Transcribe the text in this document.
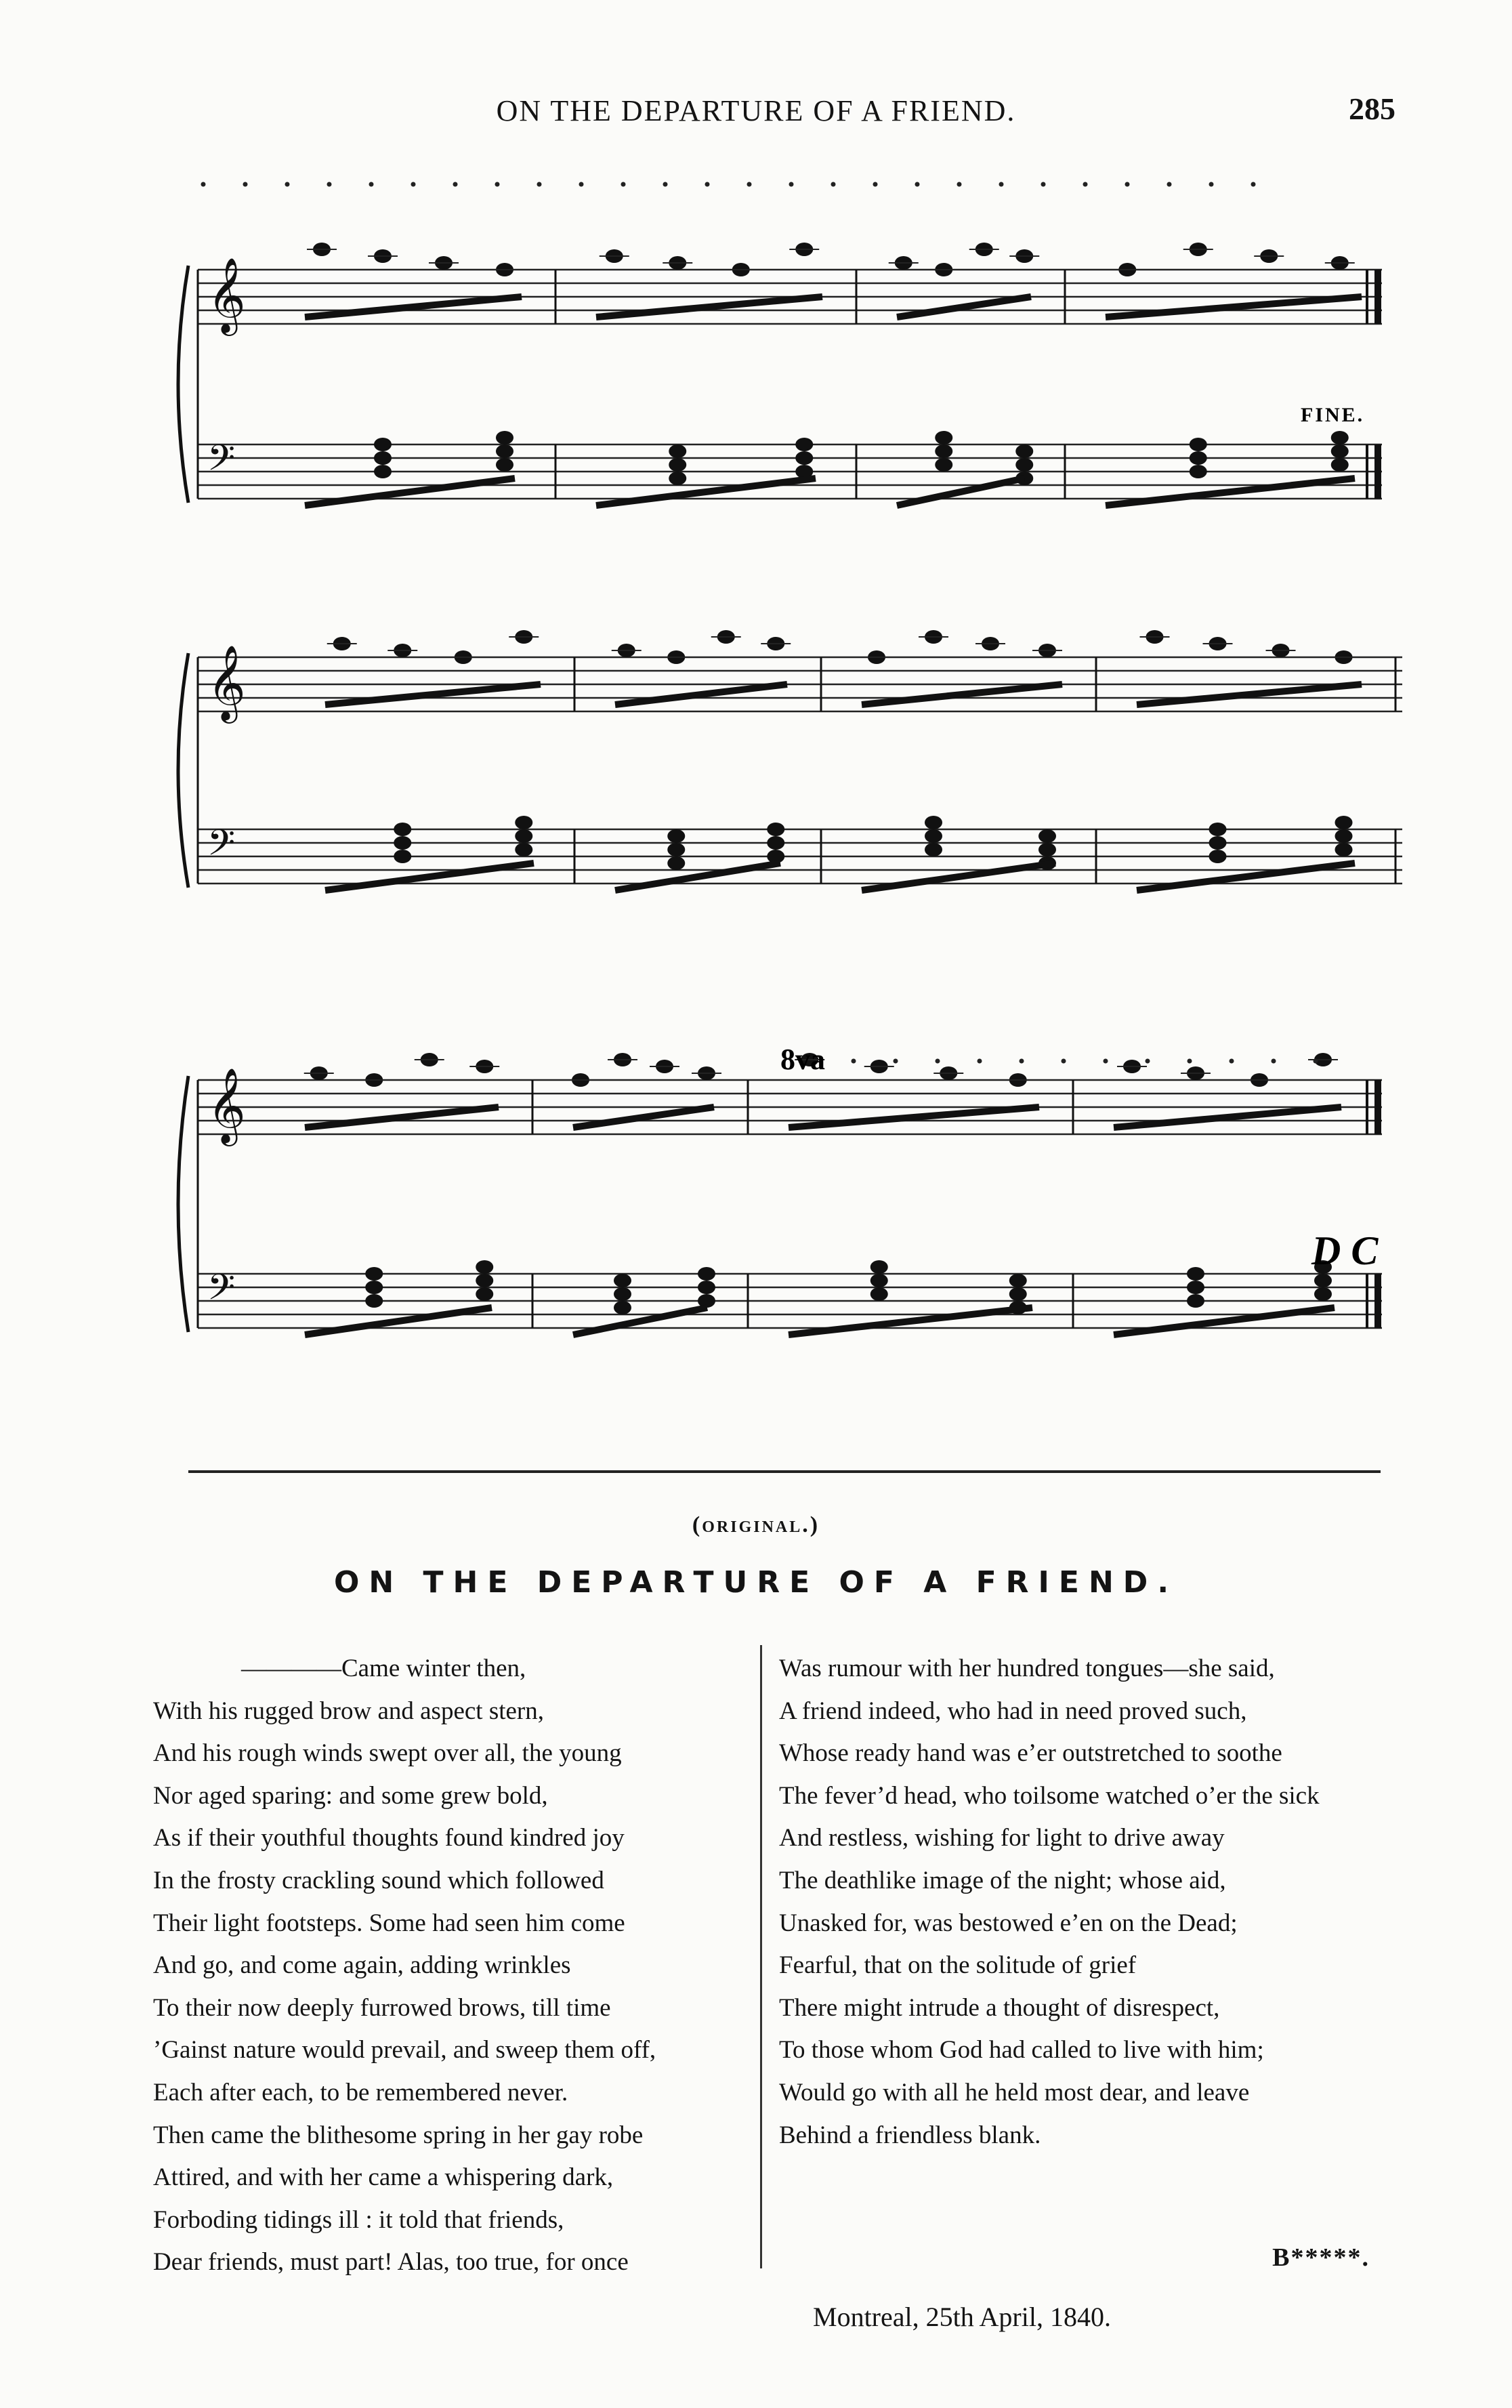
ON THE DEPARTURE OF A FRIEND.	285
𝄞
𝄢
𝄞
𝄢
𝄞
𝄢
FINE.
8va
D C
(original.)
ON THE DEPARTURE OF A FRIEND.
————Came winter then,
With his rugged brow and aspect stern,
And his rough winds swept over all, the young
Nor aged sparing: and some grew bold,
As if their youthful thoughts found kindred joy
In the frosty crackling sound which followed
Their light footsteps. Some had seen him come
And go, and come again, adding wrinkles
To their now deeply furrowed brows, till time
’Gainst nature would prevail, and sweep them off,
Each after each, to be remembered never.
Then came the blithesome spring in her gay robe
Attired, and with her came a whispering dark,
Forboding tidings ill : it told that friends,
Dear friends, must part! Alas, too true, for once
Was rumour with her hundred tongues—she said,
A friend indeed, who had in need proved such,
Whose ready hand was e’er outstretched to soothe
The fever’d head, who toilsome watched o’er the sick
And restless, wishing for light to drive away
The deathlike image of the night; whose aid,
Unasked for, was bestowed e’en on the Dead;
Fearful, that on the solitude of grief
There might intrude a thought of disrespect,
To those whom God had called to live with him;
Would go with all he held most dear, and leave
Behind a friendless blank.
B*****.
Montreal, 25th April, 1840.
